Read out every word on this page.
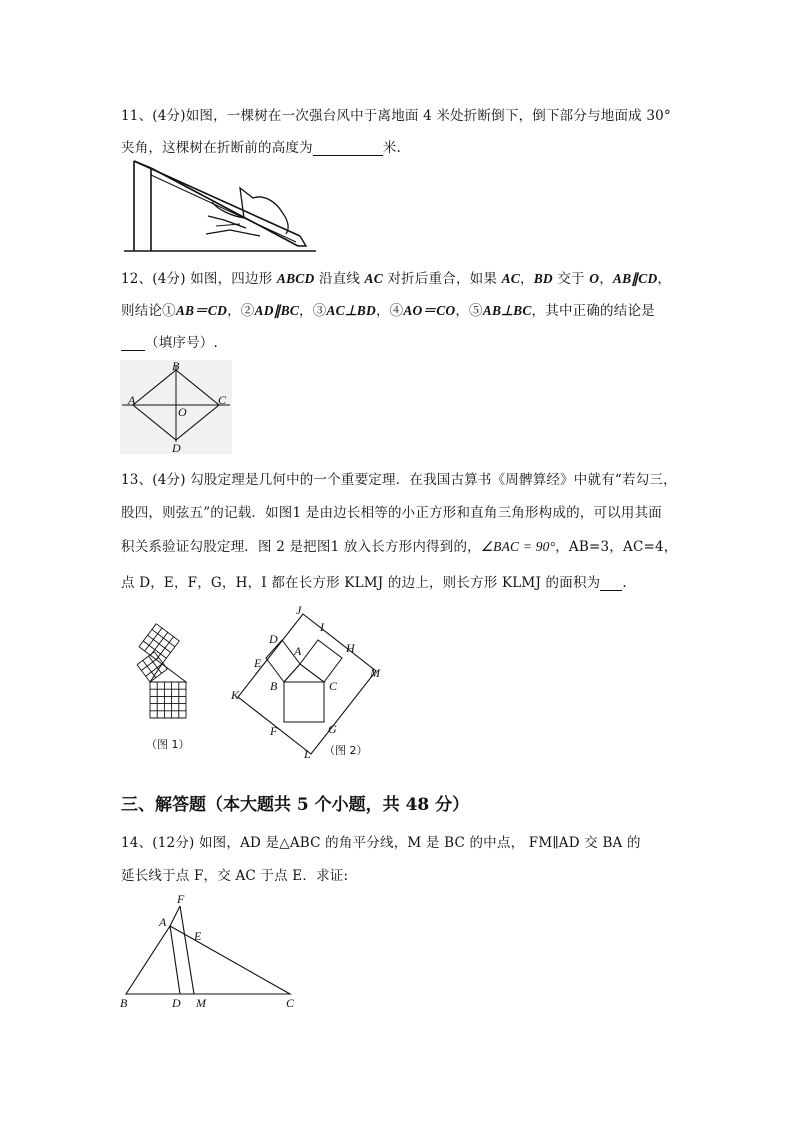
11、(4分)如图，一棵树在一次强台风中于离地面 4 米处折断倒下，倒下部分与地面成 30°
夹角，这棵树在折断前的高度为	米.
12、(4分) 如图，四边形 ABCD 沿直线 AC 对折后重合，如果 AC，BD 交于 O，AB∥CD，
则结论①AB＝CD，②AD∥BC，③AC⊥BD，④AO＝CO，⑤AB⊥BC，其中正确的结论是
（填序号）.
B
A	C
O
D
13、(4分) 勾股定理是几何中的一个重要定理．在我国古算书《周髀算经》中就有“若勾三，
股四，则弦五”的记载．如图1 是由边长相等的小正方形和直角三角形构成的，可以用其面
积关系验证勾股定理．图 2 是把图1 放入长方形内得到的，∠BAC = 90°，AB=3，AC=4，
点 D，E，F，G，H，I 都在长方形 KLMJ 的边上，则长方形 KLMJ 的面积为 .
（图 1）
J
I
D
A	H
E
M
B	C
K
F	G
L （图 2）
三、解答题（本大题共 5 个小题，共 48 分）
14、(12分) 如图，AD 是△ABC 的角平分线，M 是 BC 的中点， FM∥AD 交 BA 的
延长线于点 F，交 AC 于点 E．求证:
F
A
E
B	D M	C
